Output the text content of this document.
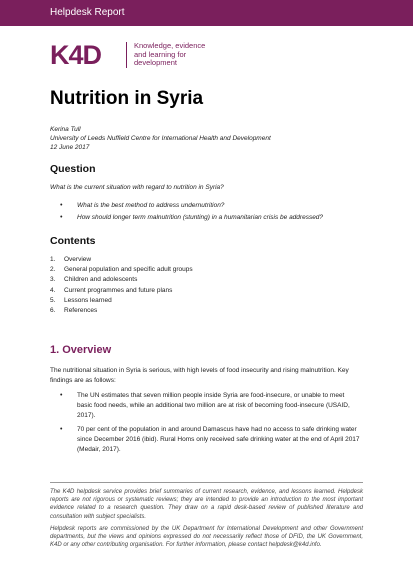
Helpdesk Report
K4D	Knowledge, evidence
and learning for
development
Nutrition in Syria
Kerina Tull
University of Leeds Nuffield Centre for International Health and Development
12 June 2017
Question
What is the current situation with regard to nutrition in Syria?
• What is the best method to address undernutrition?
• How should longer term malnutrition (stunting) in a humanitarian crisis be addressed?
Contents
1. Overview
2. General population and specific adult groups
3. Children and adolescents
4. Current programmes and future plans
5. Lessons learned
6. References
1. Overview

The nutritional situation in Syria is serious, with high levels of food insecurity and rising malnutrition. Key findings are as follows:

• The UN estimates that seven million people inside Syria are food-insecure, or unable to meet basic food needs, while an additional two million are at risk of becoming food-insecure (USAID, 2017).
• 70 per cent of the population in and around Damascus have had no access to safe drinking water since December 2016 (ibid). Rural Homs only received safe drinking water at the end of April 2017 (Medair, 2017).

The K4D helpdesk service provides brief summaries of current research, evidence, and lessons learned. Helpdesk reports are not rigorous or systematic reviews; they are intended to provide an introduction to the most important evidence related to a research question. They draw on a rapid desk-based review of published literature and consultation with subject specialists.

Helpdesk reports are commissioned by the UK Department for International Development and other Government departments, but the views and opinions expressed do not necessarily reflect those of DFID, the UK Government, K4D or any other contributing organisation. For further information, please contact helpdesk@k4d.info.
